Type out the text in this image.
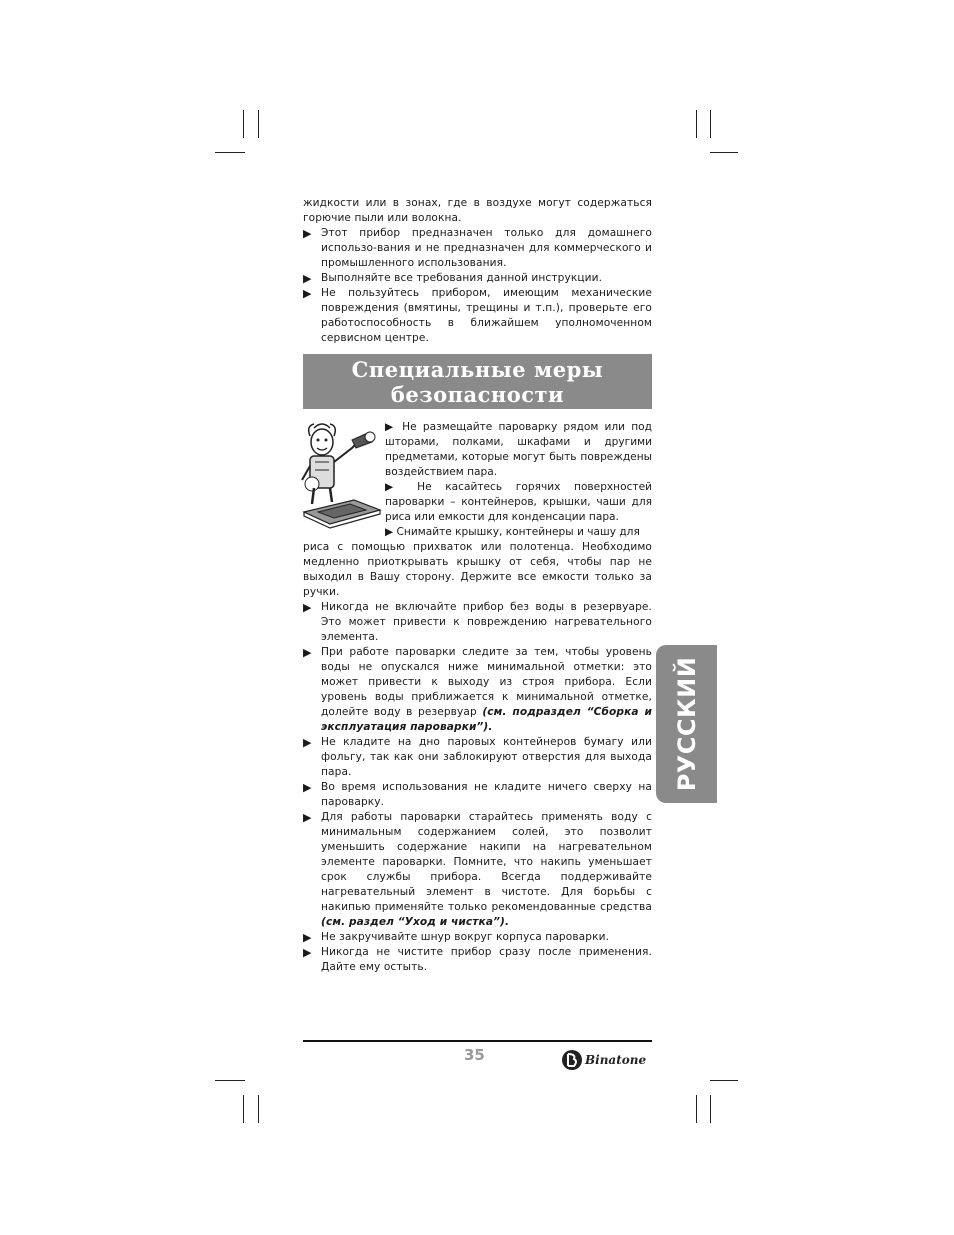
жидкости или в зонах, где в воздухе могут содержаться горючие пыли или волокна.

▶ Этот прибор предназначен только для домашнего использо-вания и не предназначен для коммерческого и промышленного использования.

▶ Выполняйте все требования данной инструкции.

▶ Не пользуйтесь прибором, имеющим механические повреждения (вмятины, трещины и т.п.), проверьте его работоспособность в ближайшем уполномоченном сервисном центре.

Специальные меры
безопасности
▶ Не размещайте пароварку рядом или под шторами, полками, шкафами и другими предметами, которые могут быть повреждены воздействием пара.
▶ Не касайтесь горячих поверхностей пароварки – контейнеров, крышки, чаши для риса или емкости для конденсации пара.
▶ Снимайте крышку, контейнеры и чашу для

риса с помощью прихваток или полотенца. Необходимо медленно приоткрывать крышку от себя, чтобы пар не выходил в Вашу сторону. Держите все емкости только за ручки.

▶ Никогда не включайте прибор без воды в резервуаре. Это может привести к повреждению нагревательного элемента.

▶ При работе пароварки следите за тем, чтобы уровень воды не опускался ниже минимальной отметки: это может привести к выходу из строя прибора. Если уровень воды приближается к минимальной отметке, долейте воду в резервуар (см. подраздел “Сборка и эксплуатация пароварки”).

▶ Не кладите на дно паровых контейнеров бумагу или фольгу, так как они заблокируют отверстия для выхода пара.

▶ Во время использования не кладите ничего сверху на пароварку.

▶ Для работы пароварки старайтесь применять воду с минимальным содержанием солей, это позволит уменьшить содержание накипи на нагревательном элементе пароварки. Помните, что накипь уменьшает срок службы прибора. Всегда поддерживайте нагревательный элемент в чистоте. Для борьбы с накипью применяйте только рекомендованные средства (см. раздел “Уход и чистка”).

▶ Не закручивайте шнур вокруг корпуса пароварки.

▶ Никогда не чистите прибор сразу после применения. Дайте ему остыть.

РУССКИЙ
35	Binatone
